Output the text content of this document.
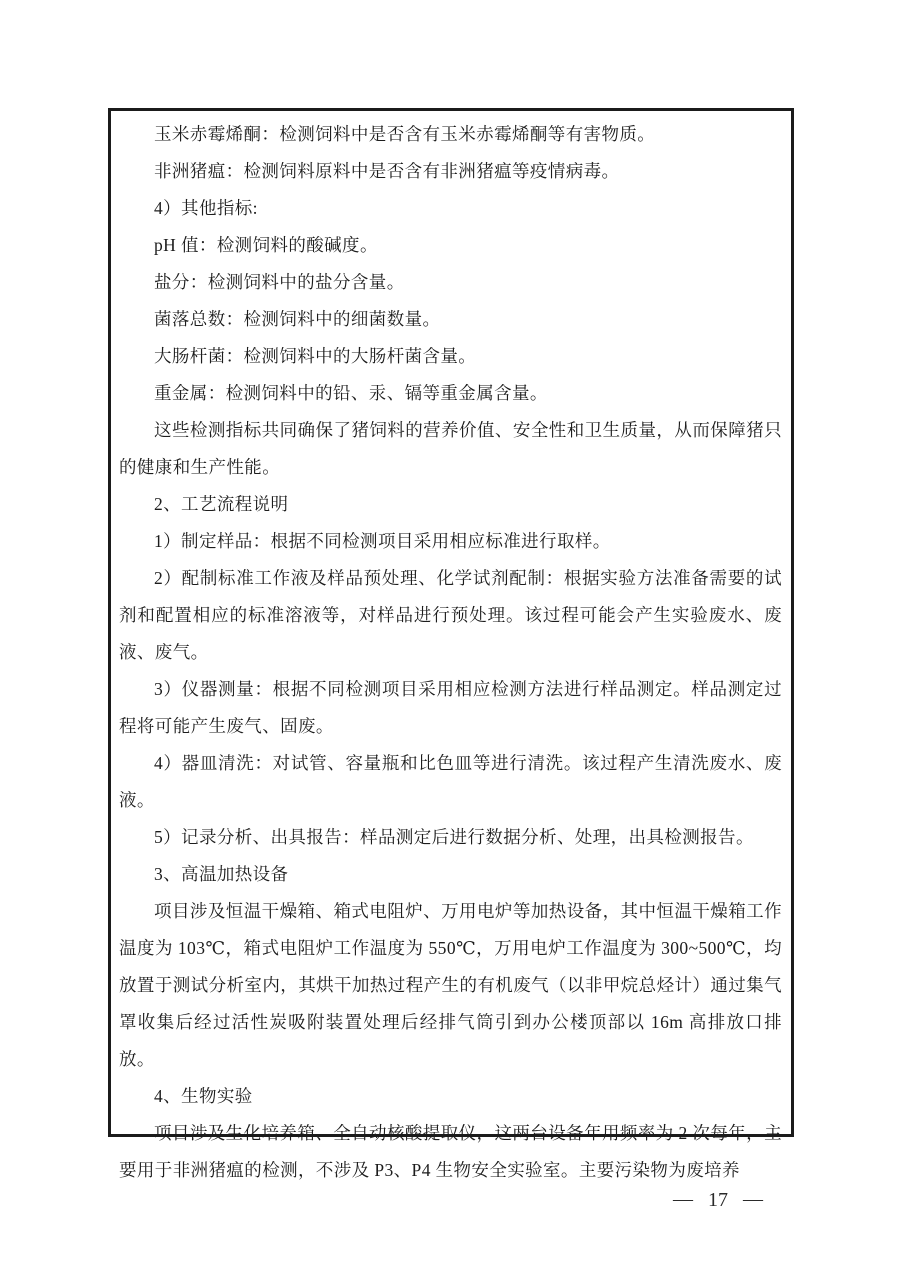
玉米赤霉烯酮：检测饲料中是否含有玉米赤霉烯酮等有害物质。

非洲猪瘟：检测饲料原料中是否含有非洲猪瘟等疫情病毒。

4）其他指标:

pH 值：检测饲料的酸碱度。

盐分：检测饲料中的盐分含量。

菌落总数：检测饲料中的细菌数量。

大肠杆菌：检测饲料中的大肠杆菌含量。

重金属：检测饲料中的铅、汞、镉等重金属含量。

这些检测指标共同确保了猪饲料的营养价值、安全性和卫生质量，从而保障猪只的健康和生产性能。

2、工艺流程说明

1）制定样品：根据不同检测项目采用相应标准进行取样。

2）配制标准工作液及样品预处理、化学试剂配制：根据实验方法准备需要的试剂和配置相应的标准溶液等，对样品进行预处理。该过程可能会产生实验废水、废液、废气。

3）仪器测量：根据不同检测项目采用相应检测方法进行样品测定。样品测定过程将可能产生废气、固废。

4）器皿清洗：对试管、容量瓶和比色皿等进行清洗。该过程产生清洗废水、废液。

5）记录分析、出具报告：样品测定后进行数据分析、处理，出具检测报告。

3、高温加热设备

项目涉及恒温干燥箱、箱式电阻炉、万用电炉等加热设备，其中恒温干燥箱工作温度为 103℃，箱式电阻炉工作温度为 550℃，万用电炉工作温度为 300~500℃，均放置于测试分析室内，其烘干加热过程产生的有机废气（以非甲烷总烃计）通过集气罩收集后经过活性炭吸附装置处理后经排气筒引到办公楼顶部以 16m 高排放口排放。

4、生物实验

项目涉及生化培养箱、全自动核酸提取仪，这两台设备年用频率为 2 次每年，主要用于非洲猪瘟的检测，不涉及 P3、P4 生物安全实验室。主要污染物为废培养

— 17 —
